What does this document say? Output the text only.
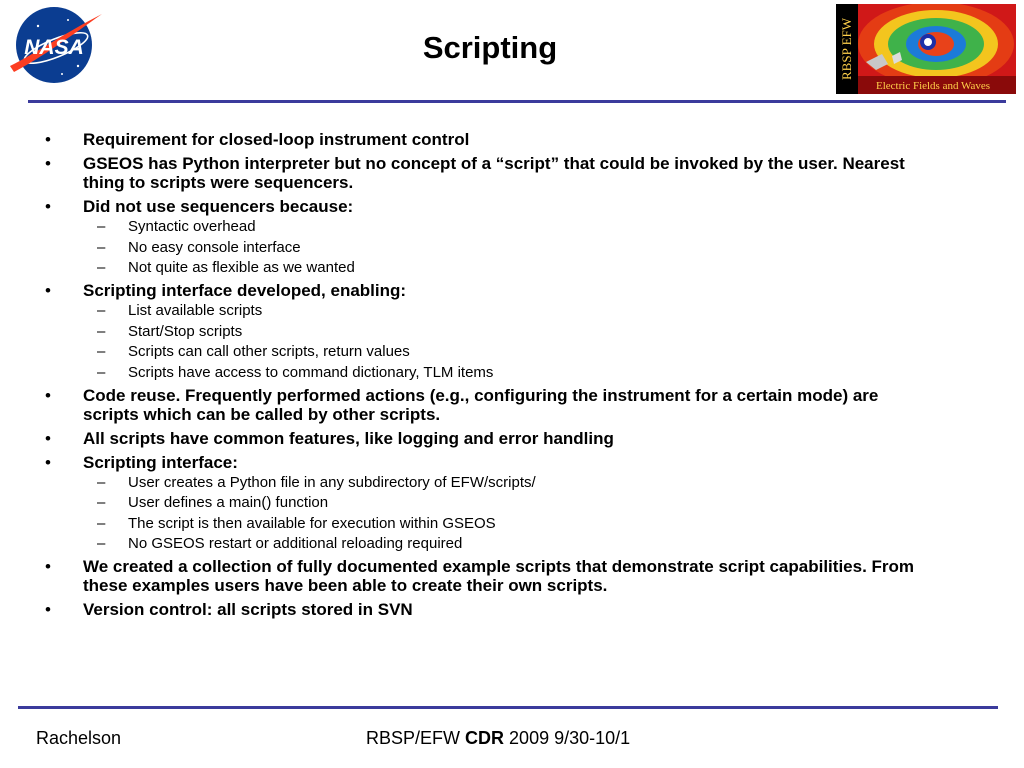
NASA	Scripting	RBSP EFW
Electric Fields and Waves
• Requirement for closed-loop instrument control
• GSEOS has Python interpreter but no concept of a “script” that could be invoked by the user. Nearest thing to scripts were sequencers.
• Did not use sequencers because:
– Syntactic overhead
– No easy console interface
– Not quite as flexible as we wanted
• Scripting interface developed, enabling:
– List available scripts
– Start/Stop scripts
– Scripts can call other scripts, return values
– Scripts have access to command dictionary, TLM items
• Code reuse. Frequently performed actions (e.g., configuring the instrument for a certain mode) are scripts which can be called by other scripts.
• All scripts have common features, like logging and error handling
• Scripting interface:
– User creates a Python file in any subdirectory of EFW/scripts/
– User defines a main() function
– The script is then available for execution within GSEOS
– No GSEOS restart or additional reloading required
• We created a collection of fully documented example scripts that demonstrate script capabilities. From these examples users have been able to create their own scripts.
• Version control: all scripts stored in SVN
Rachelson	RBSP/EFW CDR 2009 9/30-10/1
